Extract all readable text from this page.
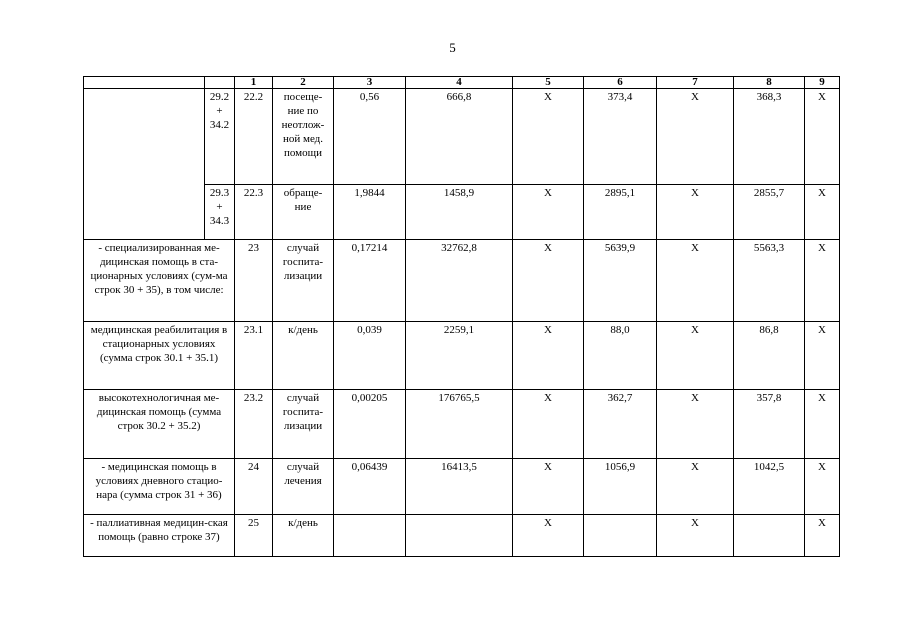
5
		1	2	3	4	5	6	7	8	9
	29.2 + 34.2	22.2	посеще-ние по неотлож-ной мед. помощи	0,56	666,8	X	373,4	X	368,3	X
	29.3 + 34.3	22.3	обраще-ние	1,9844	1458,9	X	2895,1	X	2855,7	X
- специализированная ме-дицинская помощь в ста-ционарных условиях (сум-ма строк 30 + 35), в том числе:		23	случай госпита-лизации	0,17214	32762,8	X	5639,9	X	5563,3	X
медицинская реабилитация в стационарных условиях (сумма строк 30.1 + 35.1)		23.1	к/день	0,039	2259,1	X	88,0	X	86,8	X
высокотехнологичная ме-дицинская помощь (сумма строк 30.2 + 35.2)		23.2	случай госпита-лизации	0,00205	176765,5	X	362,7	X	357,8	X
- медицинская помощь в условиях дневного стацио-нара (сумма строк 31 + 36)		24	случай лечения	0,06439	16413,5	X	1056,9	X	1042,5	X
- паллиативная медицин-ская помощь (равно строке 37)		25	к/день			X		X		X
